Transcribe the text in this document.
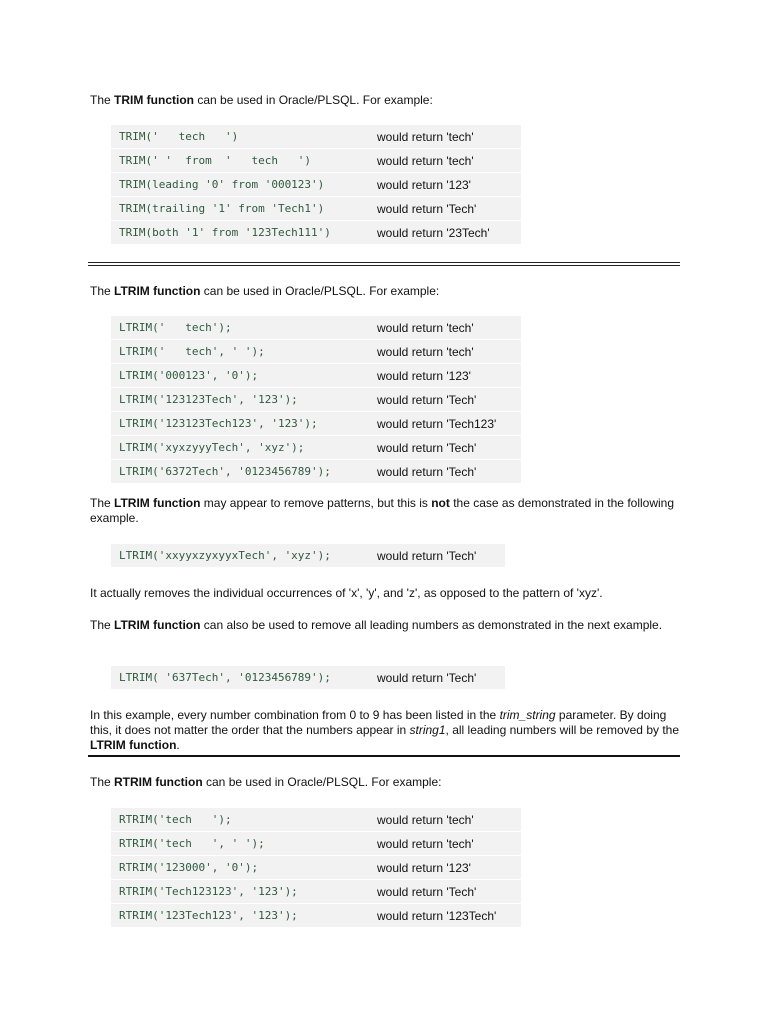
The TRIM function can be used in Oracle/PLSQL. For example:

TRIM('   tech   ')	would return 'tech'
TRIM(' '  from  '   tech   ')	would return 'tech'
TRIM(leading '0' from '000123')	would return '123'
TRIM(trailing '1' from 'Tech1')	would return 'Tech'
TRIM(both '1' from '123Tech111')	would return '23Tech'

The LTRIM function can be used in Oracle/PLSQL. For example:

LTRIM('   tech');	would return 'tech'
LTRIM('   tech', ' ');	would return 'tech'
LTRIM('000123', '0');	would return '123'
LTRIM('123123Tech', '123');	would return 'Tech'
LTRIM('123123Tech123', '123');	would return 'Tech123'
LTRIM('xyxzyyyTech', 'xyz');	would return 'Tech'
LTRIM('6372Tech', '0123456789');	would return 'Tech'

The LTRIM function may appear to remove patterns, but this is not the case as demonstrated in the following example.

LTRIM('xxyyxzyxyyxTech', 'xyz');	would return 'Tech'

It actually removes the individual occurrences of 'x', 'y', and 'z', as opposed to the pattern of 'xyz'.

The LTRIM function can also be used to remove all leading numbers as demonstrated in the next example.

LTRIM( '637Tech', '0123456789');	would return 'Tech'

In this example, every number combination from 0 to 9 has been listed in the trim_string parameter. By doing this, it does not matter the order that the numbers appear in string1, all leading numbers will be removed by the LTRIM function.

The RTRIM function can be used in Oracle/PLSQL. For example:

RTRIM('tech   ');	would return 'tech'
RTRIM('tech   ', ' ');	would return 'tech'
RTRIM('123000', '0');	would return '123'
RTRIM('Tech123123', '123');	would return 'Tech'
RTRIM('123Tech123', '123');	would return '123Tech'
